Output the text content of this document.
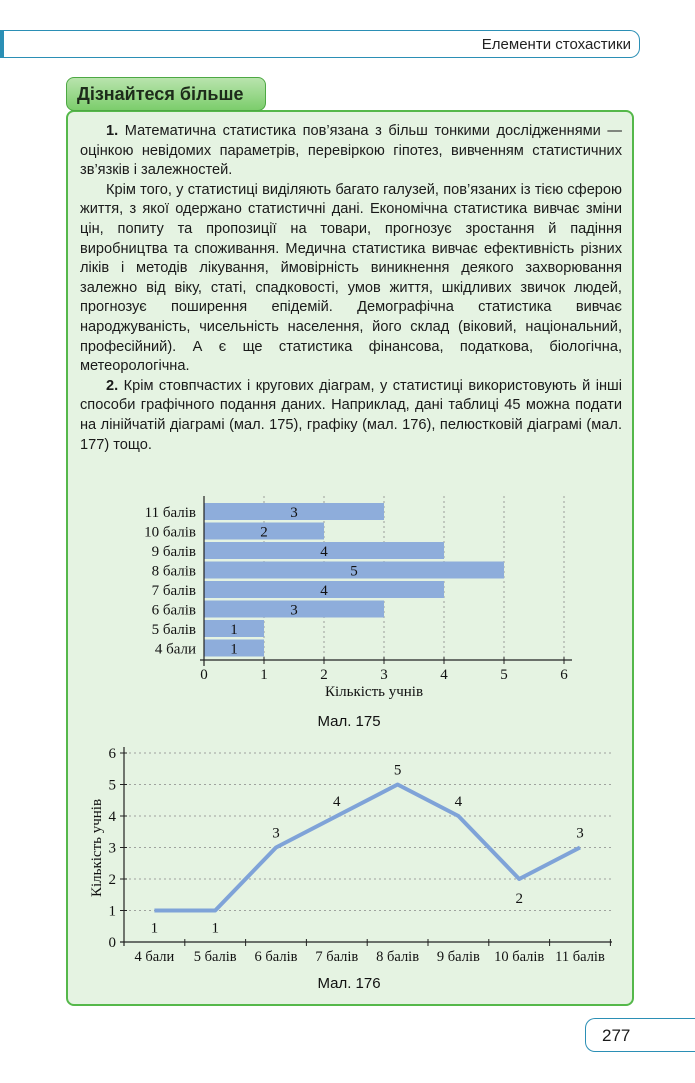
Елементи стохастики
Дізнайтеся більше

1. Математична статистика пов’язана з більш тонкими дослідженнями — оцінкою невідомих параметрів, перевіркою гіпотез, вивченням статистичних зв’язків і залежностей.

Крім того, у статистиці виділяють багато галузей, пов’язаних із тією сферою життя, з якої одержано статистичні дані. Економічна статистика вивчає зміни цін, попиту та пропозиції на товари, прогнозує зростання й падіння виробництва та споживання. Медична статистика вивчає ефективність різних ліків і методів лікування, ймовірність виникнення деякого захворювання залежно від віку, статі, спадковості, умов життя, шкідливих звичок людей, прогнозує поширення епідемій. Демографічна статистика вивчає народжуваність, чисельність населення, його склад (віковий, національний, професійний). А є ще статистика фінансова, податкова, біологічна, метеорологічна.

2. Крім стовпчастих і кругових діаграм, у статистиці використовують й інші способи графічного подання даних. Наприклад, дані таблиці 45 можна подати на лінійчатій діаграмі (мал. 175), графіку (мал. 176), пелюстковій діаграмі (мал. 177) тощо.

3
11 балів
2
10 балів
4
9 балів
5
8 балів
4
7 балів
3
6 балів
1
5 балів
1
4 бали
0	1	2	3	4	5	6
Кількість учнів
Мал. 175
0
1
2
3
4
5
6
4 бали 5 балів 6 балів 7 балів 8 балів 9 балів 10 балів 11 балів
1	1
3
4
5
4
2
3
Кількість учнів
Мал. 176
277
